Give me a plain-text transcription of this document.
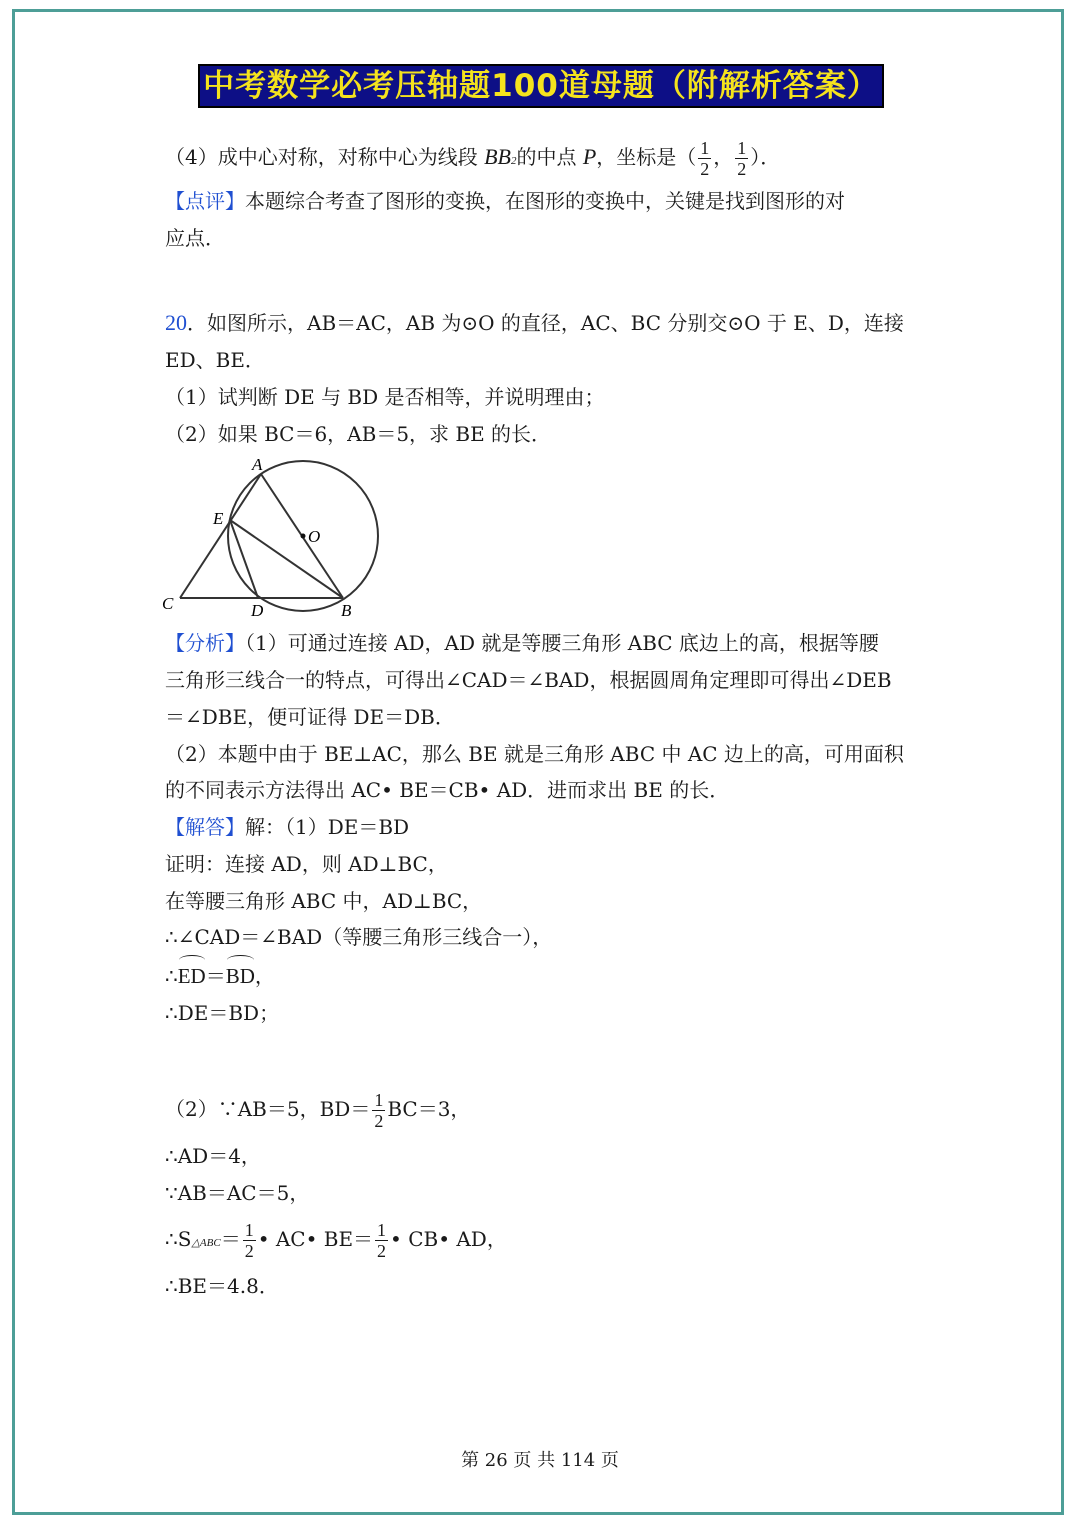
中考数学必考压轴题100道母题（附解析答案）
（4）成中心对称，对称中心为线段 BB2的中点 P，坐标是（ $\frac{1}{2}$ ， $\frac{1}{2}$ ）．
【点评】本题综合考查了图形的变换，在图形的变换中，关键是找到图形的对
应点．
20．如图所示，AB＝AC，AB 为⊙O 的直径，AC、BC 分别交⊙O 于 E、D，连接
ED、BE．
（1）试判断 DE 与 BD 是否相等，并说明理由；
（2）如果 BC＝6，AB＝5，求 BE 的长．
A
E
O
C	D	B
【分析】（1）可通过连接 AD，AD 就是等腰三角形 ABC 底边上的高，根据等腰
三角形三线合一的特点，可得出∠CAD＝∠BAD，根据圆周角定理即可得出∠DEB
＝∠DBE，便可证得 DE＝DB．
（2）本题中由于 BE⊥AC，那么 BE 就是三角形 ABC 中 AC 边上的高，可用面积
的不同表示方法得出 AC• BE＝CB• AD．进而求出 BE 的长．
【解答】解：（1）DE＝BD
证明：连接 AD，则 AD⊥BC，
在等腰三角形 ABC 中，AD⊥BC，
∴∠CAD＝∠BAD（等腰三角形三线合一），
∴ED＝BD，
∴DE＝BD；
（2）∵AB＝5，$BD= \frac{1}{2} BC=3$，
∴AD＝4，
∵AB＝AC＝5，
∴S△ABC＝ $\frac{1}{2}$ • AC• $BE= \frac{1}{2}$ • CB• AD，
∴BE＝4.8．
第 26 页 共 114 页
